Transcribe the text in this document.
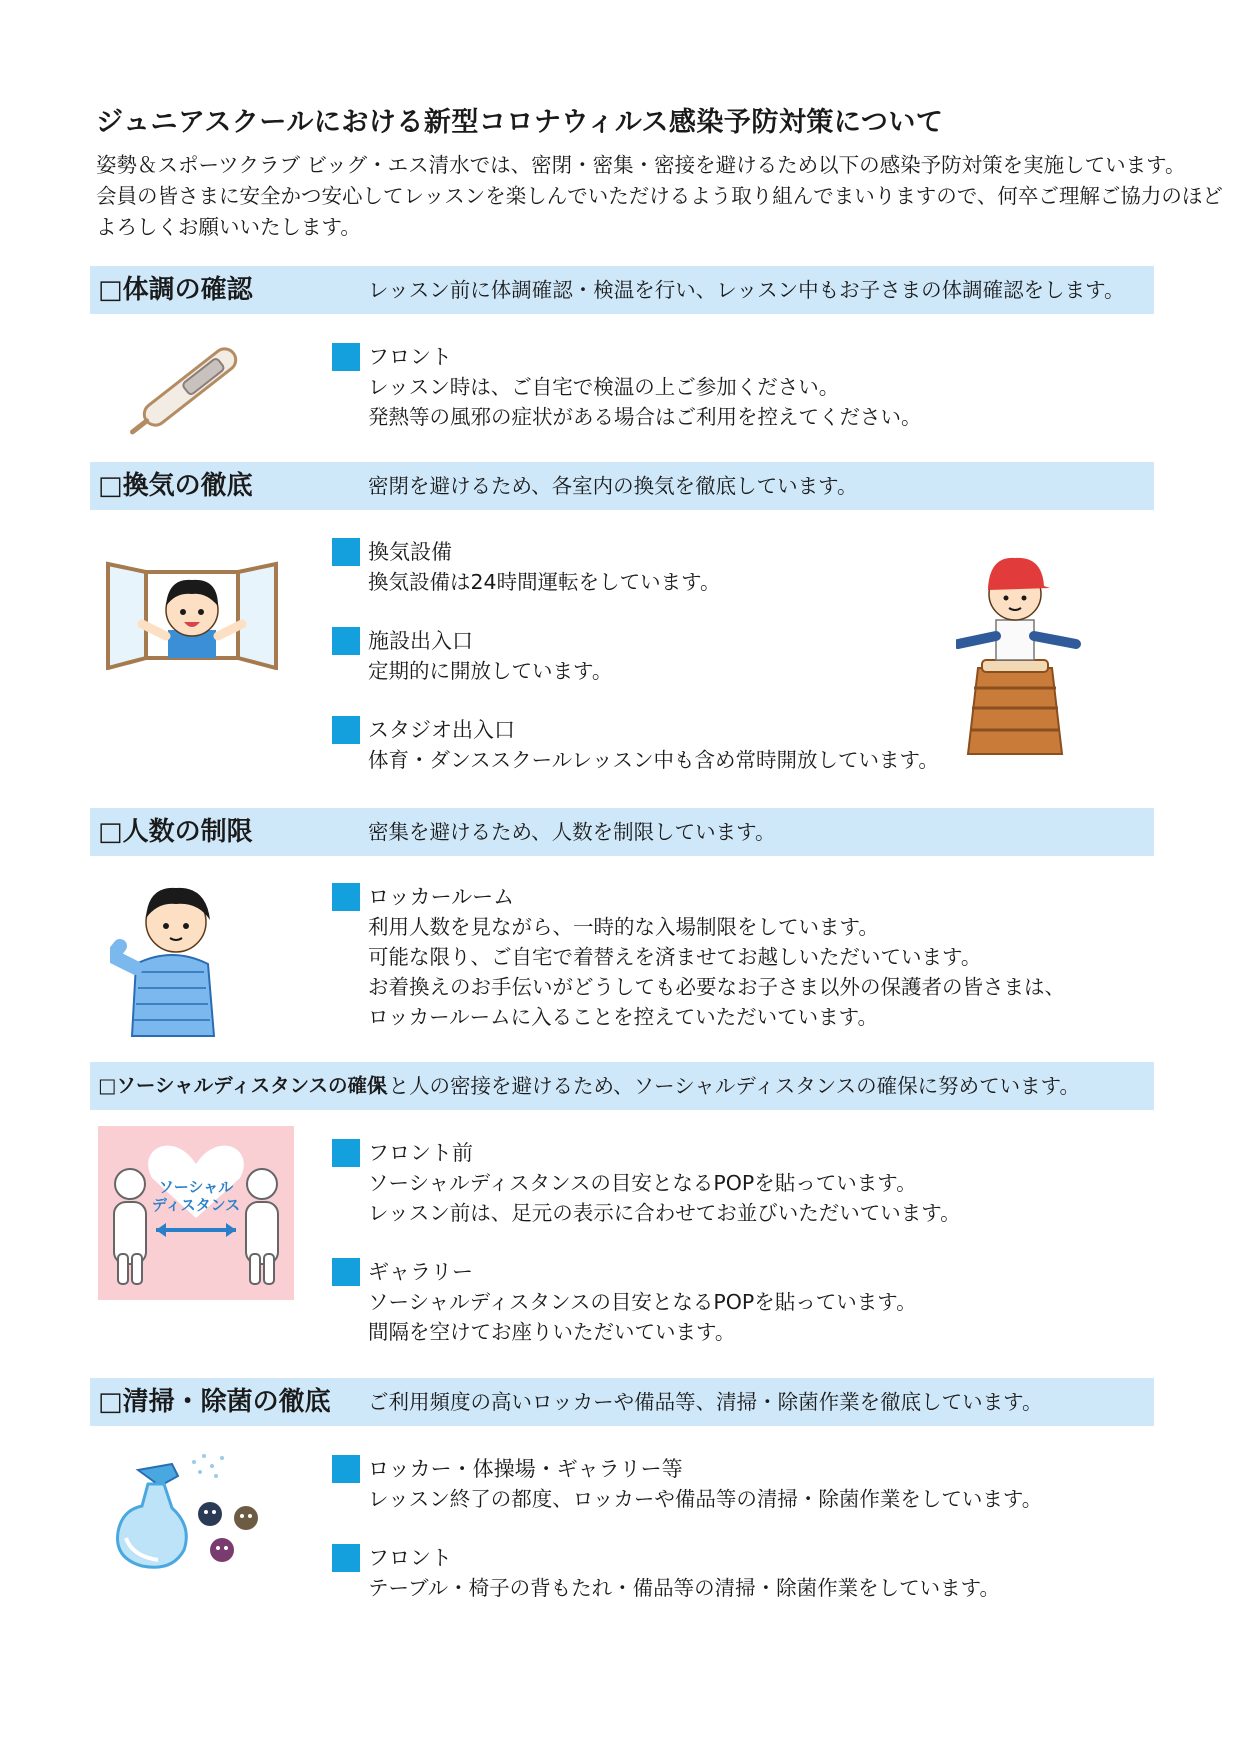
ジュニアスクールにおける新型コロナウィルス感染予防対策について
姿勢＆スポーツクラブ ビッグ・エス清水では、密閉・密集・密接を避けるため以下の感染予防対策を実施しています。
会員の皆さまに安全かつ安心してレッスンを楽しんでいただけるよう取り組んでまいりますので、何卒ご理解ご協力のほど
よろしくお願いいたします。
□体調の確認	レッスン前に体調確認・検温を行い、レッスン中もお子さまの体調確認をします。
フロント
レッスン時は、ご自宅で検温の上ご参加ください。
発熱等の風邪の症状がある場合はご利用を控えてください。
□換気の徹底	密閉を避けるため、各室内の換気を徹底しています。
換気設備
換気設備は24時間運転をしています。
施設出入口
定期的に開放しています。
スタジオ出入口
体育・ダンススクールレッスン中も含め常時開放しています。
□人数の制限	密集を避けるため、人数を制限しています。
ロッカールーム
利用人数を見ながら、一時的な入場制限をしています。
可能な限り、ご自宅で着替えを済ませてお越しいただいています。
お着換えのお手伝いがどうしても必要なお子さま以外の保護者の皆さまは、
ロッカールームに入ることを控えていただいています。
□ソーシャルディスタンスの確保
人と人の密接を避けるため、ソーシャルディスタンスの確保に努めています。
フロント前
ソーシャルディスタンスの目安となるPOPを貼っています。
レッスン前は、足元の表示に合わせてお並びいただいています。
ギャラリー
ソーシャルディスタンスの目安となるPOPを貼っています。
間隔を空けてお座りいただいています。
ソーシャル
ディスタンス
□清掃・除菌の徹底 ご利用頻度の高いロッカーや備品等、清掃・除菌作業を徹底しています。
ロッカー・体操場・ギャラリー等
レッスン終了の都度、ロッカーや備品等の清掃・除菌作業をしています。
フロント
テーブル・椅子の背もたれ・備品等の清掃・除菌作業をしています。
